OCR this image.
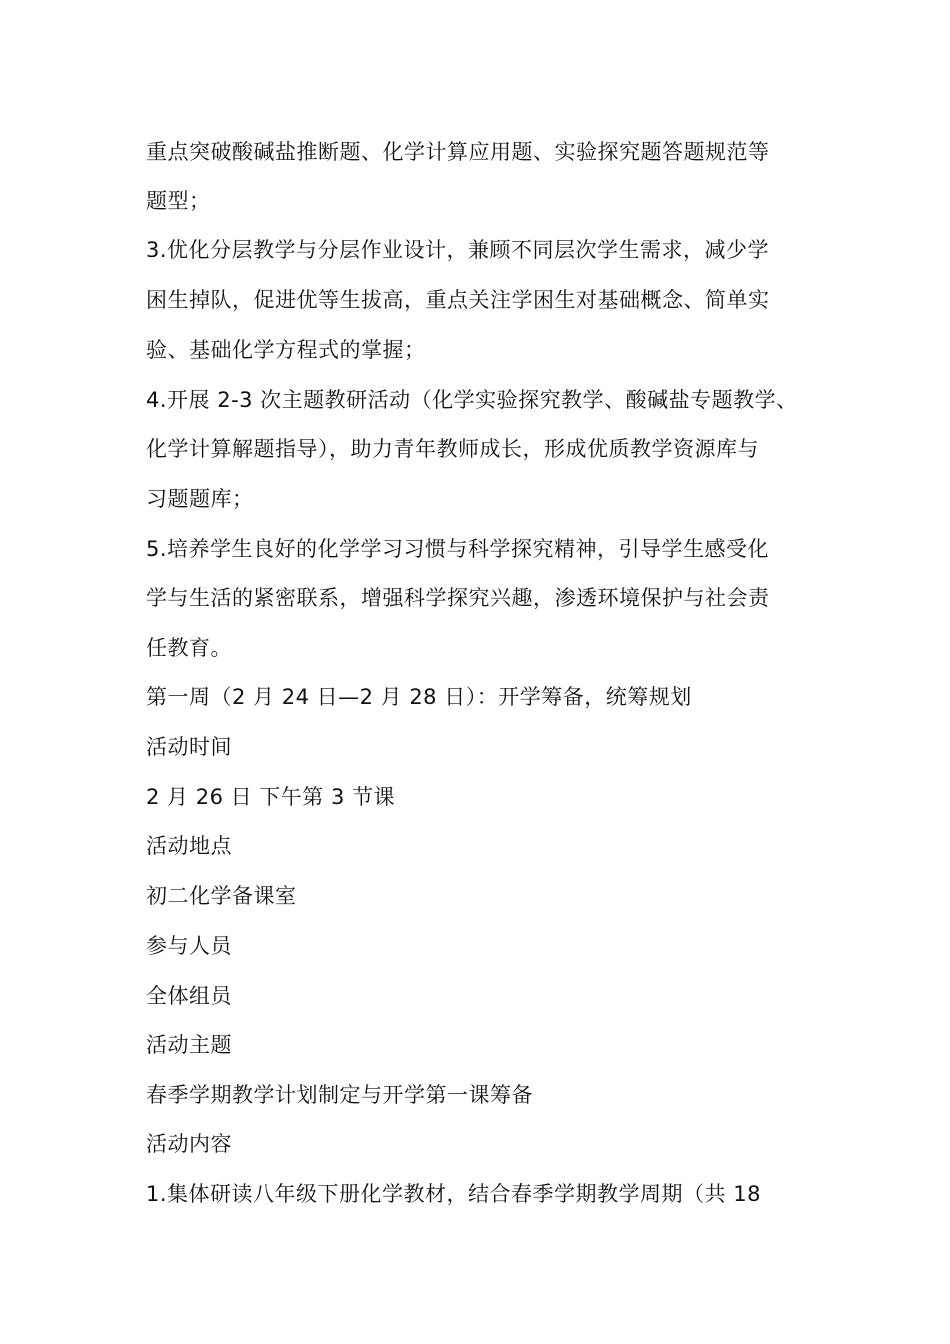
重点突破酸碱盐推断题、化学计算应用题、实验探究题答题规范等
题型；
3.优化分层教学与分层作业设计，兼顾不同层次学生需求，减少学
困生掉队，促进优等生拔高，重点关注学困生对基础概念、简单实
验、基础化学方程式的掌握；
4.开展 2-3 次主题教研活动（化学实验探究教学、酸碱盐专题教学、
化学计算解题指导），助力青年教师成长，形成优质教学资源库与
习题题库；
5.培养学生良好的化学学习习惯与科学探究精神，引导学生感受化
学与生活的紧密联系，增强科学探究兴趣，渗透环境保护与社会责
任教育。
第一周（2 月 24 日—2 月 28 日）：开学筹备，统筹规划
活动时间
2 月 26 日 下午第 3 节课
活动地点
初二化学备课室
参与人员
全体组员
活动主题
春季学期教学计划制定与开学第一课筹备
活动内容
1.集体研读八年级下册化学教材，结合春季学期教学周期（共 18
